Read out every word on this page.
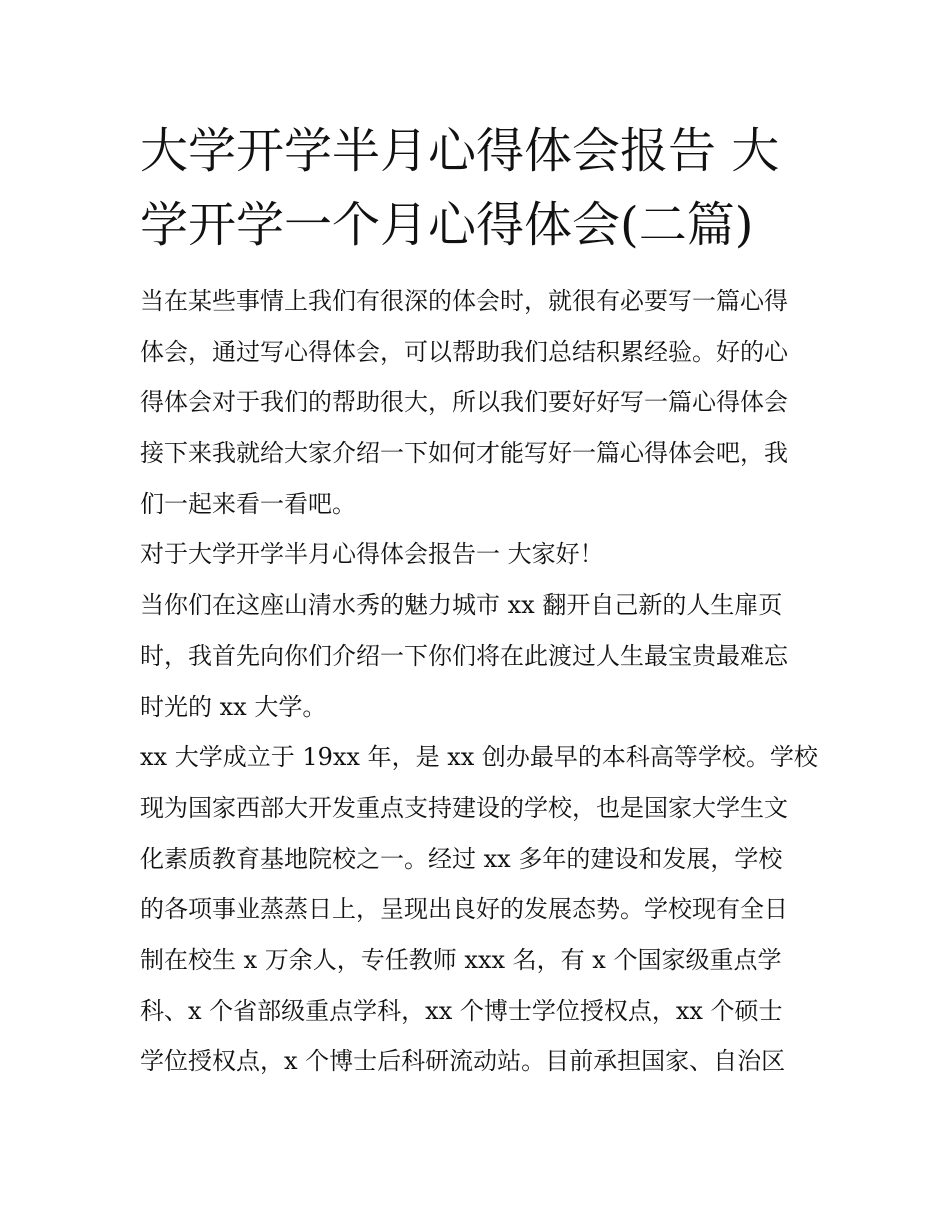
大学开学半月心得体会报告 大
学开学一个月心得体会(二篇)

当在某些事情上我们有很深的体会时，就很有必要写一篇心得

体会，通过写心得体会，可以帮助我们总结积累经验。好的心

得体会对于我们的帮助很大，所以我们要好好写一篇心得体会

接下来我就给大家介绍一下如何才能写好一篇心得体会吧，我

们一起来看一看吧。

对于大学开学半月心得体会报告一 大家好！

当你们在这座山清水秀的魅力城市 xx 翻开自己新的人生扉页

时，我首先向你们介绍一下你们将在此渡过人生最宝贵最难忘

时光的 xx 大学。

xx 大学成立于 19xx 年，是 xx 创办最早的本科高等学校。学校

现为国家西部大开发重点支持建设的学校，也是国家大学生文

化素质教育基地院校之一。经过 xx 多年的建设和发展，学校

的各项事业蒸蒸日上，呈现出良好的发展态势。学校现有全日

制在校生 x 万余人，专任教师 xxx 名，有 x 个国家级重点学

科、x 个省部级重点学科，xx 个博士学位授权点，xx 个硕士

学位授权点，x 个博士后科研流动站。目前承担国家、自治区
